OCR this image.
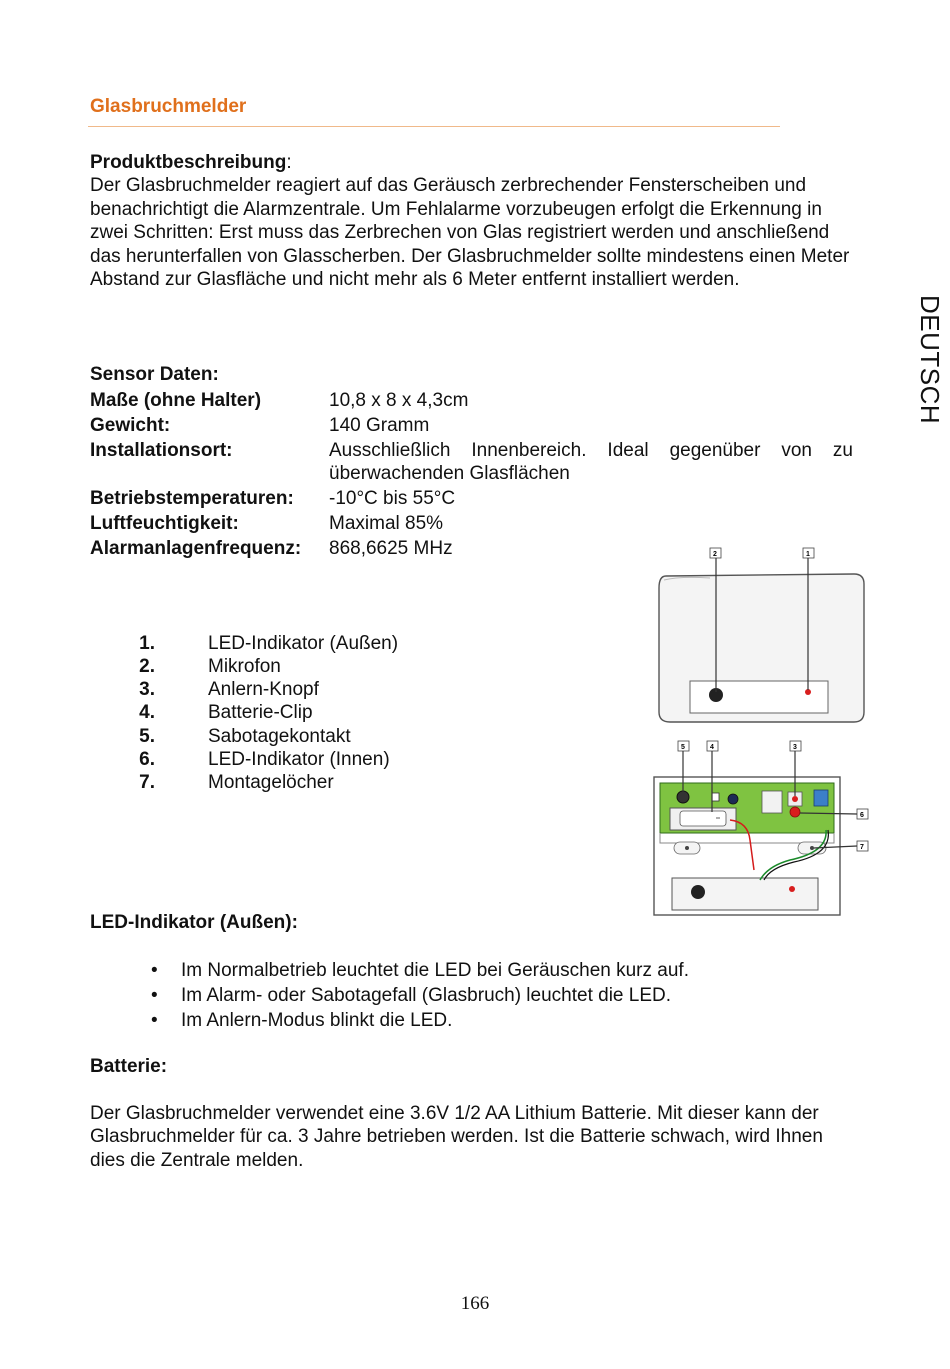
Glasbruchmelder
Produktbeschreibung:
Der Glasbruchmelder reagiert auf das Geräusch zerbrechender Fensterscheiben und benachrichtigt die Alarmzentrale. Um Fehlalarme vorzubeugen erfolgt die Erkennung in zwei Schritten: Erst muss das Zerbrechen von Glas registriert werden und anschließend das herunterfallen von Glasscherben. Der Glasbruchmelder sollte mindestens einen Meter Abstand zur Glasfläche und nicht mehr als 6 Meter entfernt installiert werden.
Sensor Daten:
Maße (ohne Halter)	10,8 x 8 x 4,3cm
Gewicht:	140 Gramm
Installationsort:	Ausschließlich Innenbereich. Ideal gegenüber von zu überwachenden Glasflächen
Betriebstemperaturen: -10°C bis 55°C
Luftfeuchtigkeit:	Maximal 85%
Alarmanlagenfrequenz: 868,6625 MHz
1.	LED-Indikator (Außen)
2.	Mikrofon
3.	Anlern-Knopf
4.	Batterie-Clip
5.	Sabotagekontakt
6.	LED-Indikator (Innen)
7.	Montagelöcher
2	1
5	4	3
6
7
LED-Indikator (Außen):
• Im Normalbetrieb leuchtet die LED bei Geräuschen kurz auf.
• Im Alarm- oder Sabotagefall (Glasbruch) leuchtet die LED.
• Im Anlern-Modus blinkt die LED.
Batterie:
Der Glasbruchmelder verwendet eine 3.6V 1/2 AA Lithium Batterie. Mit dieser kann der Glasbruchmelder für ca. 3 Jahre betrieben werden. Ist die Batterie schwach, wird Ihnen dies die Zentrale melden.
DEUTSCH
166
